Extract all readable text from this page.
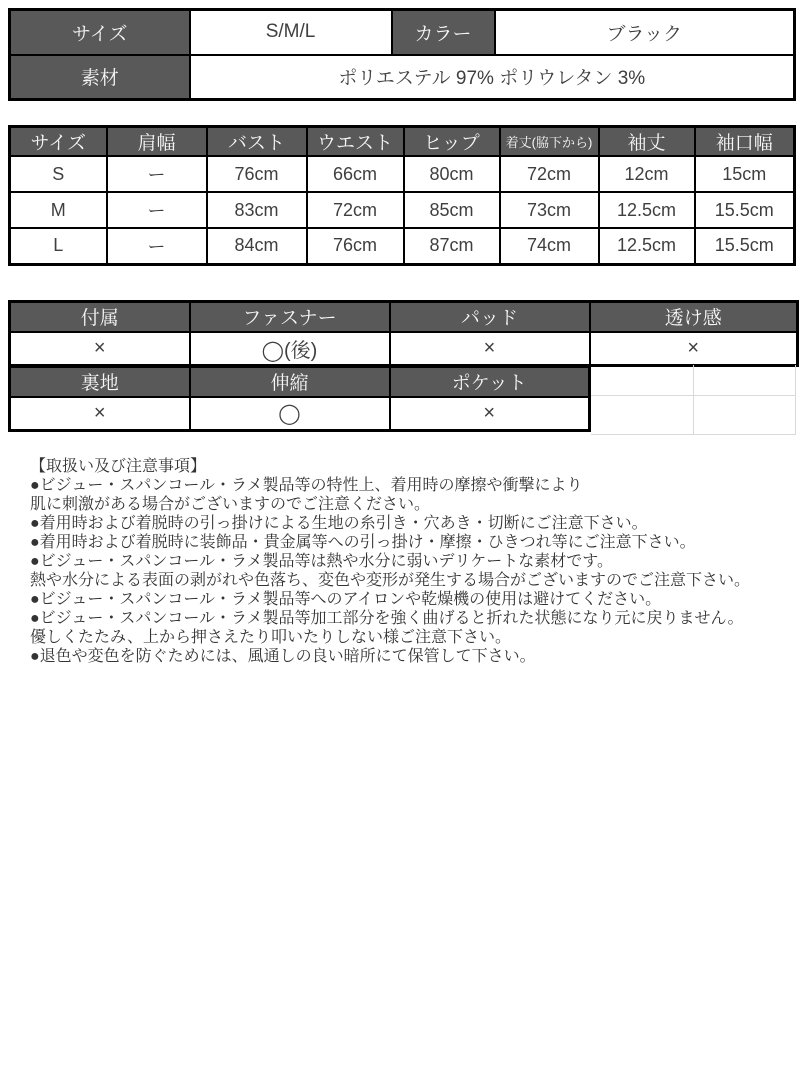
サイズ	S/M/L	カラー	ブラック
素材	ポリエステル 97% ポリウレタン 3%		
サイズ	肩幅	バスト	ウエスト	ヒップ	着丈(脇下から)	袖丈	袖口幅
S	ー	76cm	66cm	80cm	72cm	12cm	15cm
M	ー	83cm	72cm	85cm	73cm	12.5cm	15.5cm
L	ー	84cm	76cm	87cm	74cm	12.5cm	15.5cm
付属	ファスナー	パッド	透け感
×	◯(後)	×	×
裏地	伸縮	ポケット
×	◯	×

【取扱い及び注意事項】

●ビジュー・スパンコール・ラメ製品等の特性上、着用時の摩擦や衝撃により

肌に刺激がある場合がございますのでご注意ください。

●着用時および着脱時の引っ掛けによる生地の糸引き・穴あき・切断にご注意下さい。

●着用時および着脱時に装飾品・貴金属等への引っ掛け・摩擦・ひきつれ等にご注意下さい。

●ビジュー・スパンコール・ラメ製品等は熱や水分に弱いデリケートな素材です。

熱や水分による表面の剥がれや色落ち、変色や変形が発生する場合がございますのでご注意下さい。

●ビジュー・スパンコール・ラメ製品等へのアイロンや乾燥機の使用は避けてください。

●ビジュー・スパンコール・ラメ製品等加工部分を強く曲げると折れた状態になり元に戻りません。

優しくたたみ、上から押さえたり叩いたりしない様ご注意下さい。

●退色や変色を防ぐためには、風通しの良い暗所にて保管して下さい。
